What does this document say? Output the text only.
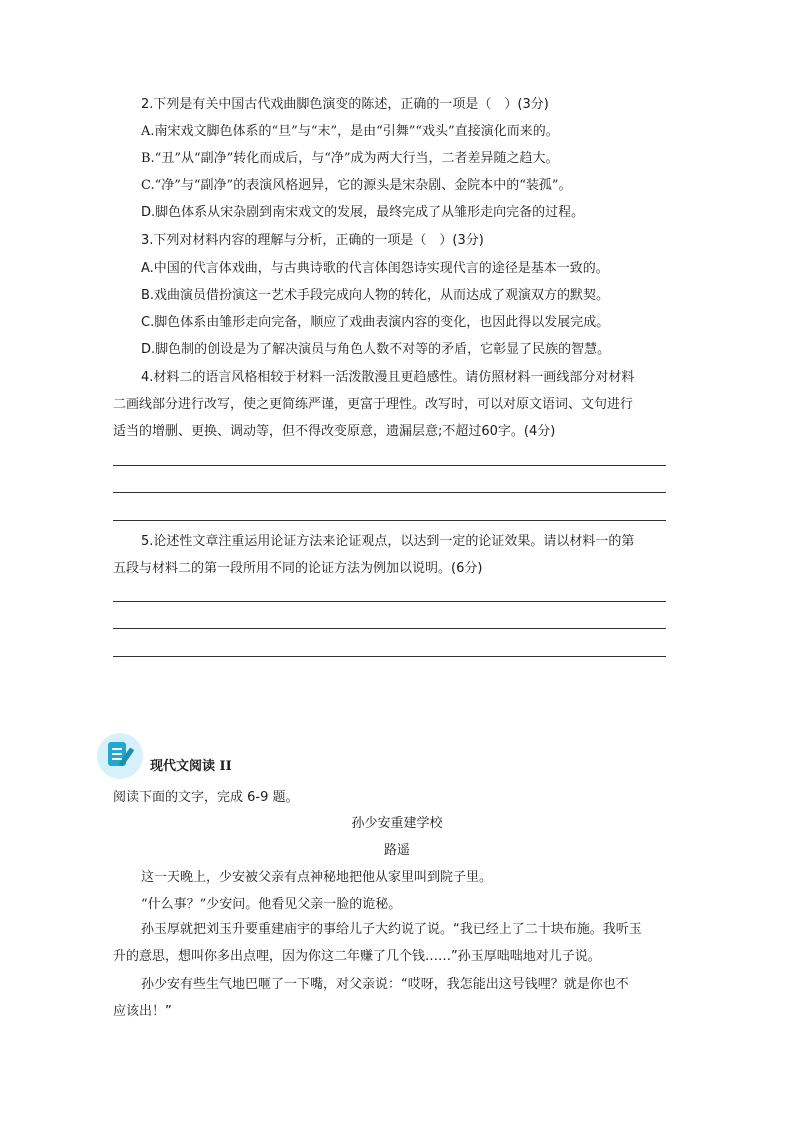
2.下列是有关中国古代戏曲脚色演变的陈述，正确的一项是（　）(3分)
A.南宋戏文脚色体系的“旦”与“末”，是由“引舞”“戏头”直接演化而来的。
B.“丑”从“副净”转化而成后，与“净”成为两大行当，二者差异随之趋大。
C.“净”与“副净”的表演风格迥异，它的源头是宋杂剧、金院本中的“装孤”。
D.脚色体系从宋杂剧到南宋戏文的发展，最终完成了从雏形走向完备的过程。
3.下列对材料内容的理解与分析，正确的一项是（　）(3分)
A.中国的代言体戏曲，与古典诗歌的代言体闺怨诗实现代言的途径是基本一致的。
B.戏曲演员借扮演这一艺术手段完成向人物的转化，从而达成了观演双方的默契。
C.脚色体系由雏形走向完备，顺应了戏曲表演内容的变化，也因此得以发展完成。
D.脚色制的创设是为了解决演员与角色人数不对等的矛盾，它彰显了民族的智慧。
4.材料二的语言风格相较于材料一活泼散漫且更趋感性。请仿照材料一画线部分对材料
二画线部分进行改写，使之更简练严谨，更富于理性。改写时，可以对原文语词、文句进行
适当的增删、更换、调动等，但不得改变原意，遗漏层意;不超过60字。(4分)
5.论述性文章注重运用论证方法来论证观点，以达到一定的论证效果。请以材料一的第
五段与材料二的第一段所用不同的论证方法为例加以说明。(6分)
现代文阅读 II
阅读下面的文字，完成 6-9 题。
孙少安重建学校
路遥
这一天晚上，少安被父亲有点神秘地把他从家里叫到院子里。
“什么事？”少安问。他看见父亲一脸的诡秘。
孙玉厚就把刘玉升要重建庙宇的事给儿子大约说了说。“我已经上了二十块布施。我听玉
升的意思，想叫你多出点哩，因为你这二年赚了几个钱……”孙玉厚咄咄地对儿子说。
孙少安有些生气地巴咂了一下嘴，对父亲说：“哎呀，我怎能出这号钱哩？就是你也不
应该出！”
